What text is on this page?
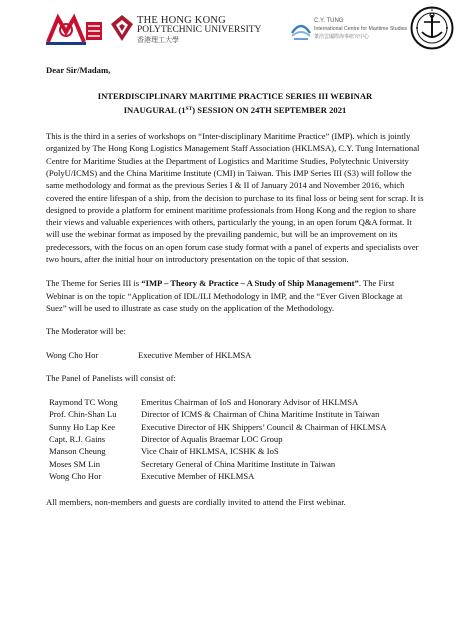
THE HONG KONG
POLYTECHNIC UNIVERSITY
香港理工大學
C.Y. TUNG
International Centre for Maritime Studies
董浩雲國際海事研究中心

Dear Sir/Madam,

INTERDISCIPLINARY MARITIME PRACTICE SERIES III WEBINAR
INAUGURAL (1ST) SESSION ON 24TH SEPTEMBER 2021

This is the third in a series of workshops on “Inter-disciplinary Maritime Practice” (IMP). which is jointly organized by The Hong Kong Logistics Management Staff Association (HKLMSA), C.Y. Tung International Centre for Maritime Studies at the Department of Logistics and Maritime Studies, Polytechnic University (PolyU/ICMS) and the China Maritime Institute (CMI) in Taiwan. This IMP Series III (S3) will follow the same methodology and format as the previous Series I & II of January 2014 and November 2016, which covered the entire lifespan of a ship, from the decision to purchase to its final loss or being sent for scrap. It is designed to provide a platform for eminent maritime professionals from Hong Kong and the region to share their views and valuable experiences with others, particularly the young, in an open forum Q&A format. It will use the webinar format as imposed by the prevailing pandemic, but will be an improvement on its predecessors, with the focus on an open forum case study format with a panel of experts and specialists over two hours, after the initial hour on introductory presentation on the topic of that session.

The Theme for Series III is “IMP – Theory & Practice – A Study of Ship Management”. The First Webinar is on the topic “Application of IDL/ILI Methodology in IMP, and the “Ever Given Blockage at Suez” will be used to illustrate as case study on the application of the Methodology.

The Moderator will be:

Wong Cho Hor	Executive Member of HKLMSA

The Panel of Panelists will consist of:

Raymond TC Wong	Emeritus Chairman of IoS and Honorary Advisor of HKLMSA
Prof. Chin-Shan Lu	Director of ICMS & Chairman of China Maritime Institute in Taiwan
Sunny Ho Lap Kee	Executive Director of HK Shippers’ Council & Chairman of HKLMSA
Capt. R.J. Gains	Director of Aqualis Braemar LOC Group
Manson Cheung	Vice Chair of HKLMSA, ICSHK & IoS
Moses SM Lin	Secretary General of China Maritime Institute in Taiwan
Wong Cho Hor	Executive Member of HKLMSA

All members, non-members and guests are cordially invited to attend the First webinar.
